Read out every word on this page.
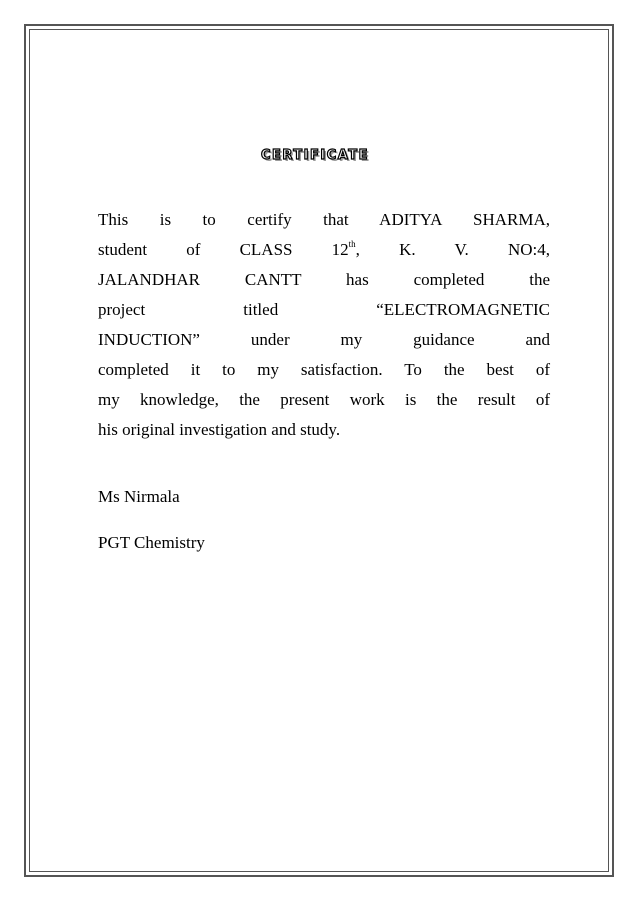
certificate
This is to certify that ADITYA SHARMA,
student of CLASS 12th, K. V. NO:4,
JALANDHAR CANTT has completed the
project titled “ELECTROMAGNETIC
INDUCTION” under my guidance and
completed it to my satisfaction. To the best of
my knowledge, the present work is the result of
his original investigation and study.
Ms Nirmala
PGT Chemistry
